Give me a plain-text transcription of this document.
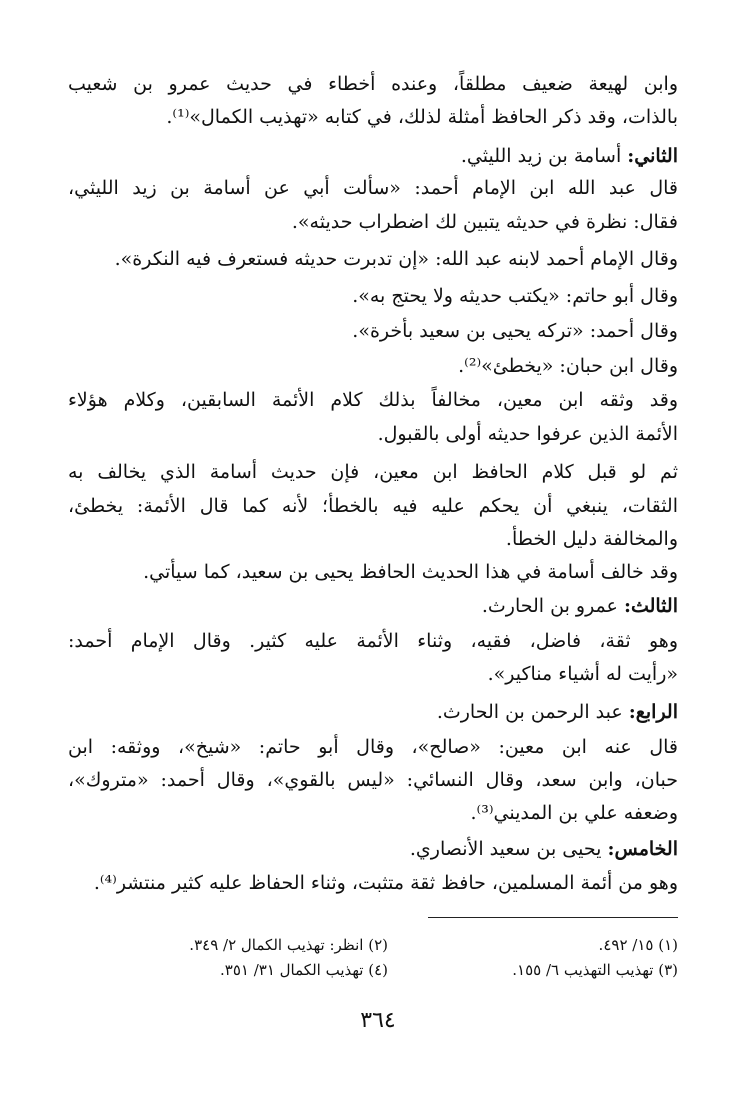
وابن لهيعة ضعيف مطلقاً، وعنده أخطاء في حديث عمرو بن شعيب
بالذات، وقد ذكر الحافظ أمثلة لذلك، في كتابه «تهذيب الكمال»⁽¹⁾.
الثاني: أسامة بن زيد الليثي.
قال عبد الله ابن الإمام أحمد: «سألت أبي عن أسامة بن زيد الليثي،
فقال: نظرة في حديثه يتبين لك اضطراب حديثه».
وقال الإمام أحمد لابنه عبد الله: «إن تدبرت حديثه فستعرف فيه النكرة».
وقال أبو حاتم: «يكتب حديثه ولا يحتج به».
وقال أحمد: «تركه يحيى بن سعيد بأخرة».
وقال ابن حبان: «يخطئ»⁽²⁾.
وقد وثقه ابن معين، مخالفاً بذلك كلام الأئمة السابقين، وكلام هؤلاء
الأئمة الذين عرفوا حديثه أولى بالقبول.
ثم لو قبل كلام الحافظ ابن معين، فإن حديث أسامة الذي يخالف به
الثقات، ينبغي أن يحكم عليه فيه بالخطأ؛ لأنه كما قال الأئمة: يخطئ،
والمخالفة دليل الخطأ.
وقد خالف أسامة في هذا الحديث الحافظ يحيى بن سعيد، كما سيأتي.
الثالث: عمرو بن الحارث.
وهو ثقة، فاضل، فقيه، وثناء الأئمة عليه كثير. وقال الإمام أحمد:
«رأيت له أشياء مناكير».
الرابع: عبد الرحمن بن الحارث.
قال عنه ابن معين: «صالح»، وقال أبو حاتم: «شيخ»، ووثقه: ابن
حبان، وابن سعد، وقال النسائي: «ليس بالقوي»، وقال أحمد: «متروك»،
وضعفه علي بن المديني⁽³⁾.
الخامس: يحيى بن سعيد الأنصاري.
وهو من أئمة المسلمين، حافظ ثقة متثبت، وثناء الحفاظ عليه كثير منتشر⁽⁴⁾.
(١) ١٥/ ٤٩٢.
(٢) انظر: تهذيب الكمال ٢/ ٣٤٩.
(٣) تهذيب التهذيب ٦/ ١٥٥.
(٤) تهذيب الكمال ٣١/ ٣٥١.
٣٦٤
